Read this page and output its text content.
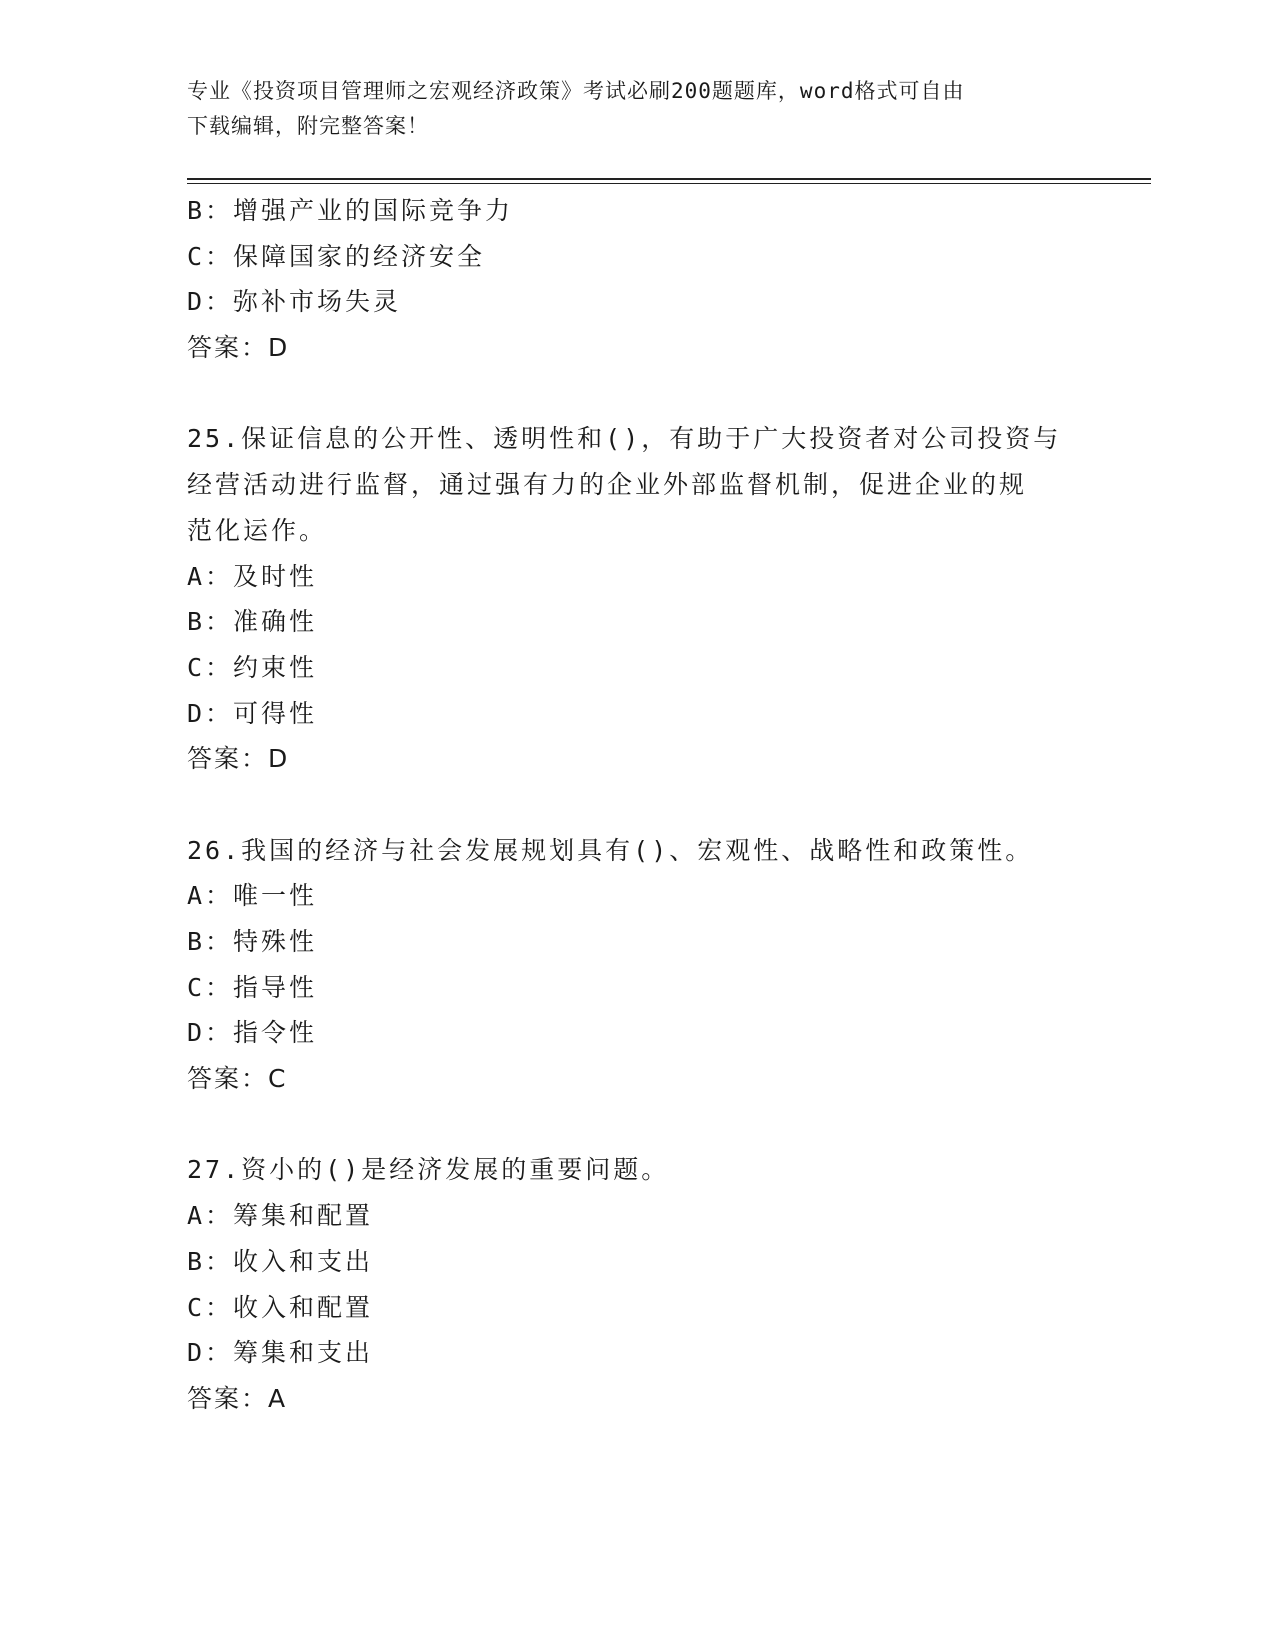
专业《投资项目管理师之宏观经济政策》考试必刷200题题库，word格式可自由
下载编辑，附完整答案！
B：增强产业的国际竞争力
C：保障国家的经济安全
D：弥补市场失灵
答案：D
25.保证信息的公开性、透明性和()，有助于广大投资者对公司投资与
经营活动进行监督，通过强有力的企业外部监督机制，促进企业的规
范化运作。
A：及时性
B：准确性
C：约束性
D：可得性
答案：D
26.我国的经济与社会发展规划具有()、宏观性、战略性和政策性。
A：唯一性
B：特殊性
C：指导性
D：指令性
答案：C
27.资小的()是经济发展的重要问题。
A：筹集和配置
B：收入和支出
C：收入和配置
D：筹集和支出
答案：A
